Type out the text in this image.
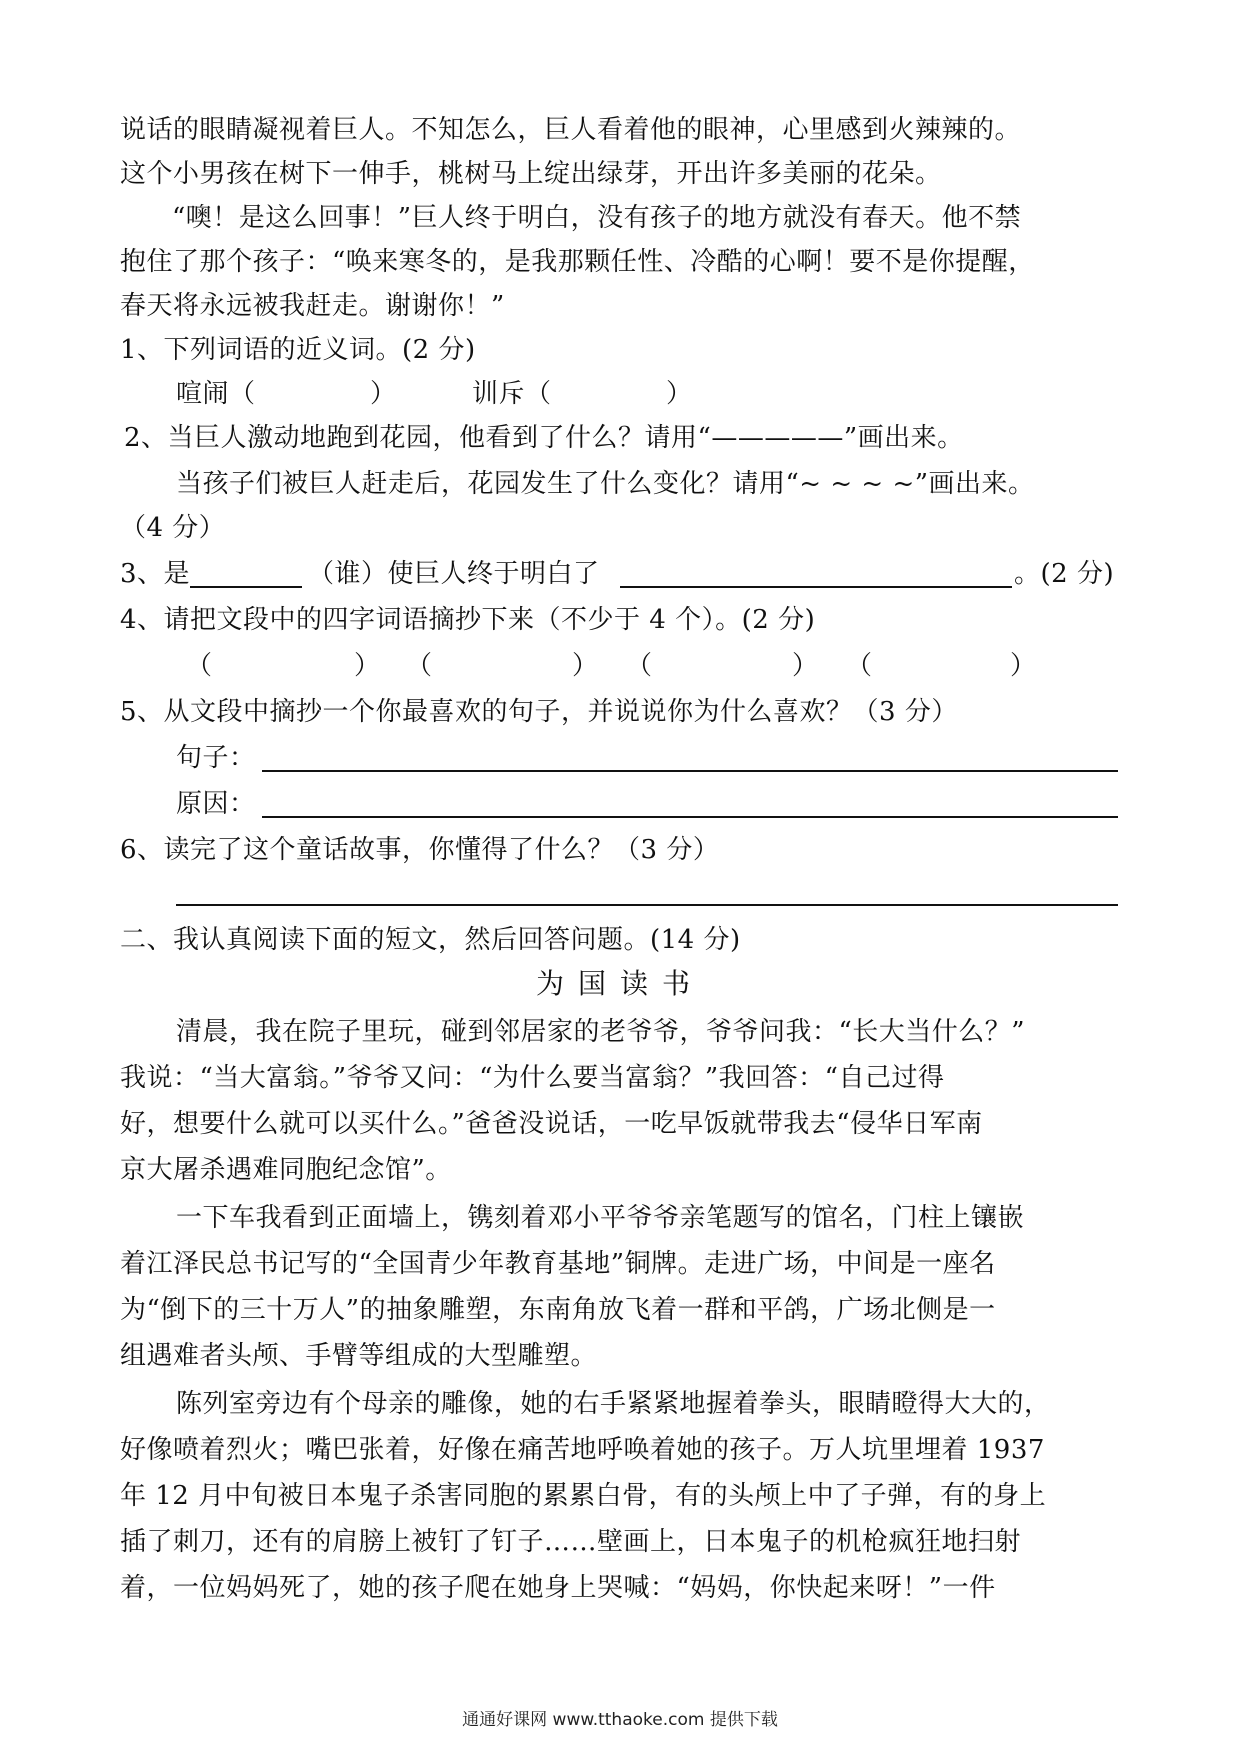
说话的眼睛凝视着巨人。不知怎么，巨人看着他的眼神，心里感到火辣辣的。
这个小男孩在树下一伸手，桃树马上绽出绿芽，开出许多美丽的花朵。
“噢！是这么回事！”巨人终于明白，没有孩子的地方就没有春天。他不禁
抱住了那个孩子：“唤来寒冬的，是我那颗任性、冷酷的心啊！要不是你提醒，
春天将永远被我赶走。谢谢你！”
1、下列词语的近义词。(2 分)
喧闹（	）	训斥（	）
2、当巨人激动地跑到花园，他看到了什么？请用“—————”画出来。
当孩子们被巨人赶走后，花园发生了什么变化？请用“~ ~ ~ ~”画出来。
（4 分）
3、是	（谁）使巨人终于明白了	。(2 分)
4、请把文段中的四字词语摘抄下来（不少于 4 个）。(2 分)
（	） （	） （	） （	）
5、从文段中摘抄一个你最喜欢的句子，并说说你为什么喜欢？（3 分）
句子：
原因：
6、读完了这个童话故事，你懂得了什么？（3 分）
二、我认真阅读下面的短文，然后回答问题。(14 分)
为国读书
清晨，我在院子里玩，碰到邻居家的老爷爷，爷爷问我：“长大当什么？”
我说：“当大富翁。”爷爷又问：“为什么要当富翁？”我回答：“自己过得
好，想要什么就可以买什么。”爸爸没说话，一吃早饭就带我去“侵华日军南
京大屠杀遇难同胞纪念馆”。
一下车我看到正面墙上，镌刻着邓小平爷爷亲笔题写的馆名，门柱上镶嵌
着江泽民总书记写的“全国青少年教育基地”铜牌。走进广场，中间是一座名
为“倒下的三十万人”的抽象雕塑，东南角放飞着一群和平鸽，广场北侧是一
组遇难者头颅、手臂等组成的大型雕塑。
陈列室旁边有个母亲的雕像，她的右手紧紧地握着拳头，眼睛瞪得大大的，
好像喷着烈火；嘴巴张着，好像在痛苦地呼唤着她的孩子。万人坑里埋着 1937
年 12 月中旬被日本鬼子杀害同胞的累累白骨，有的头颅上中了子弹，有的身上
插了刺刀，还有的肩膀上被钉了钉子……壁画上，日本鬼子的机枪疯狂地扫射
着，一位妈妈死了，她的孩子爬在她身上哭喊：“妈妈，你快起来呀！”一件
通通好课网 www.tthaoke.com 提供下载
